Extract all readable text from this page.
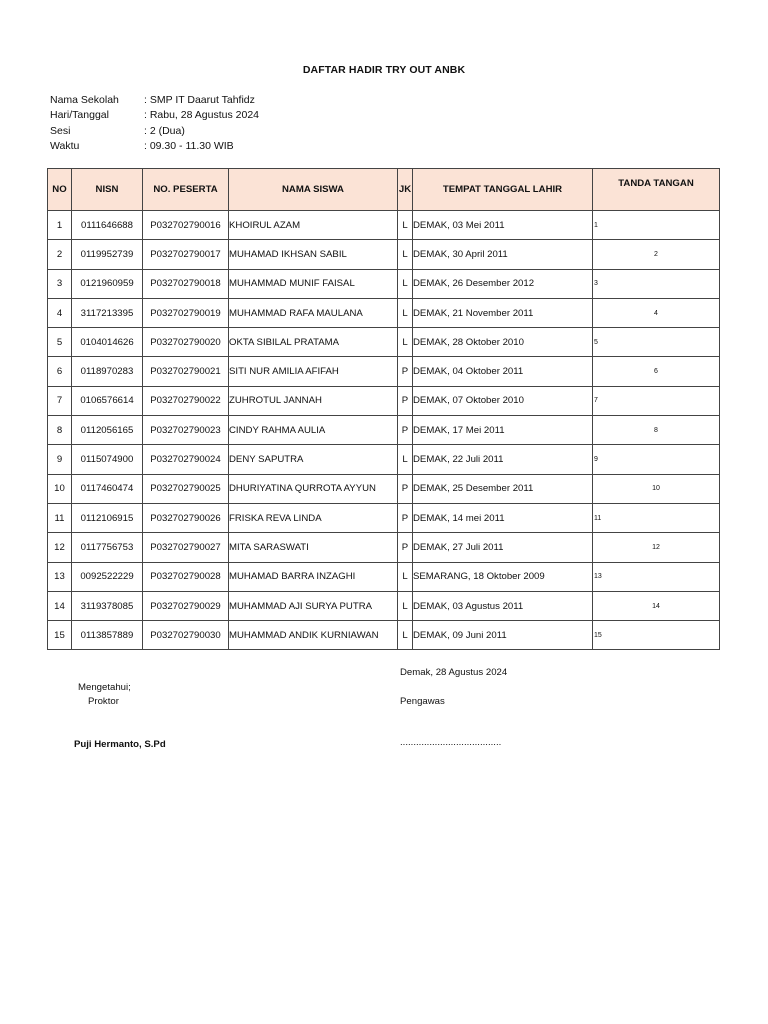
DAFTAR HADIR TRY OUT ANBK
Nama Sekolah	: SMP IT Daarut Tahfidz
Hari/Tanggal	: Rabu, 28 Agustus 2024
Sesi	: 2 (Dua)
Waktu	: 09.30 - 11.30 WIB
NO	NISN	NO. PESERTA	NAMA SISWA	JK	TEMPAT TANGGAL LAHIR	TANDA TANGAN
1	0111646688	P032702790016	KHOIRUL AZAM	L	DEMAK, 03 Mei 2011	1
2	0119952739	P032702790017	MUHAMAD IKHSAN SABIL	L	DEMAK, 30 April 2011	2
3	0121960959	P032702790018	MUHAMMAD MUNIF FAISAL	L	DEMAK, 26 Desember 2012	3
4	3117213395	P032702790019	MUHAMMAD RAFA MAULANA	L	DEMAK, 21 November 2011	4
5	0104014626	P032702790020	OKTA SIBILAL PRATAMA	L	DEMAK, 28 Oktober 2010	5
6	0118970283	P032702790021	SITI NUR AMILIA AFIFAH	P	DEMAK, 04 Oktober 2011	6
7	0106576614	P032702790022	ZUHROTUL JANNAH	P	DEMAK, 07 Oktober 2010	7
8	0112056165	P032702790023	CINDY RAHMA AULIA	P	DEMAK, 17 Mei 2011	8
9	0115074900	P032702790024	DENY SAPUTRA	L	DEMAK, 22 Juli 2011	9
10	0117460474	P032702790025	DHURIYATINA QURROTA AYYUN	P	DEMAK, 25 Desember 2011	10
11	0112106915	P032702790026	FRISKA REVA LINDA	P	DEMAK, 14 mei 2011	11
12	0117756753	P032702790027	MITA SARASWATI	P	DEMAK, 27 Juli 2011	12
13	0092522229	P032702790028	MUHAMAD BARRA INZAGHI	L	SEMARANG, 18 Oktober 2009	13
14	3119378085	P032702790029	MUHAMMAD AJI SURYA PUTRA	L	DEMAK, 03 Agustus 2011	14
15	0113857889	P032702790030	MUHAMMAD ANDIK KURNIAWAN	L	DEMAK, 09 Juni 2011	15
Demak, 28 Agustus 2024
Mengetahui;
Proktor	Pengawas
Puji Hermanto, S.Pd	......................................
